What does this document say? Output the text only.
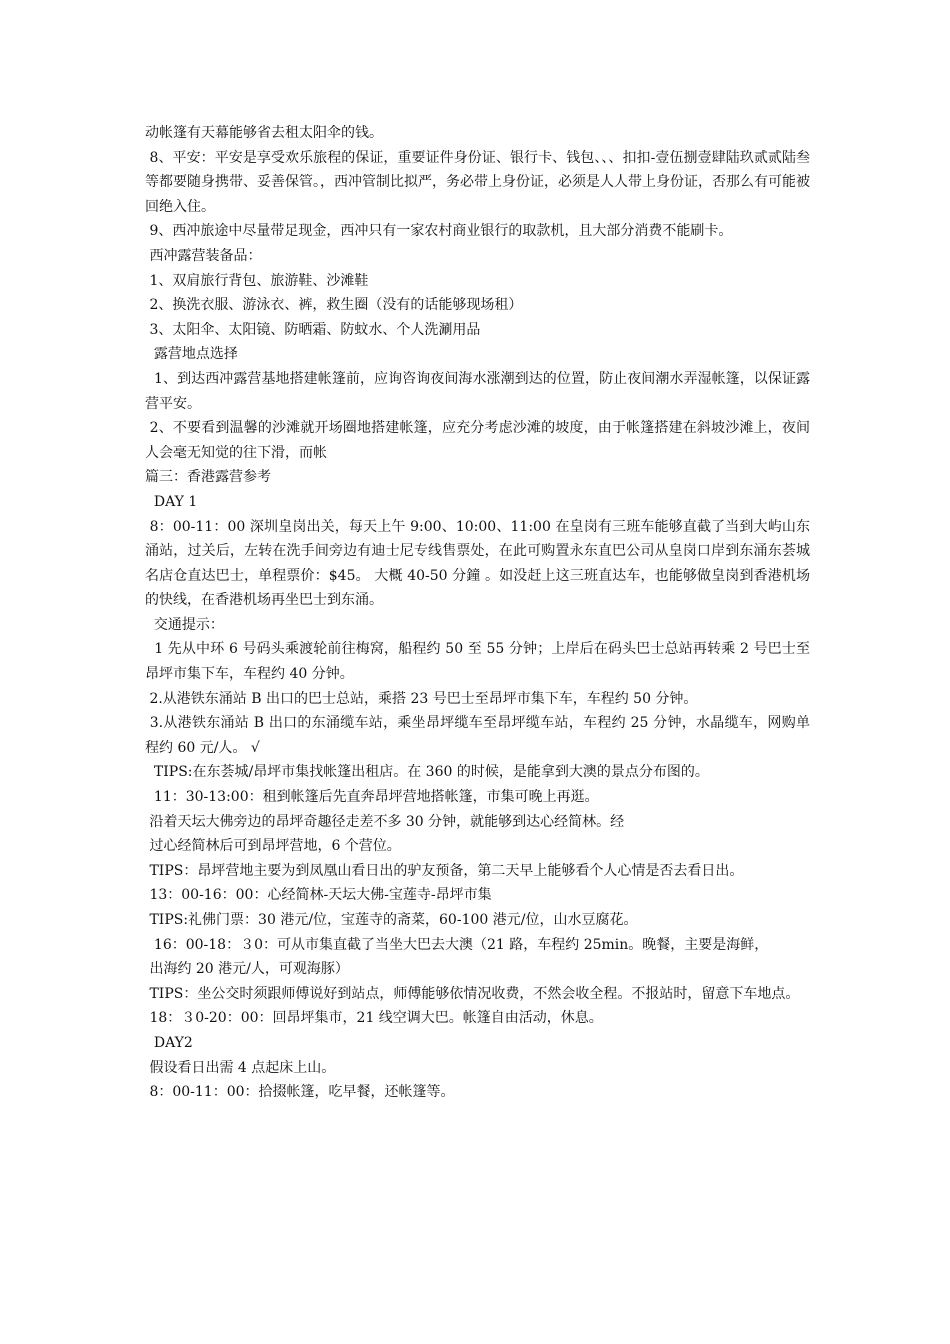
动帐篷有天幕能够省去租太阳伞的钱。

8、平安：平安是享受欢乐旅程的保证，重要证件身份证、银行卡、钱包、、、扣扣-壹伍捌壹肆陆玖贰贰陆叁等都要随身携带、妥善保管。，西冲管制比拟严，务必带上身份证，必须是人人带上身份证，否那么有可能被回绝入住。

9、西冲旅途中尽量带足现金，西冲只有一家农村商业银行的取款机，且大部分消费不能刷卡。

西冲露营装备品：

1、双肩旅行背包、旅游鞋、沙滩鞋

2、换洗衣服、游泳衣、裤，救生圈（没有的话能够现场租）

3、太阳伞、太阳镜、防晒霜、防蚊水、个人洗涮用品

露营地点选择

1、到达西冲露营基地搭建帐篷前，应询咨询夜间海水涨潮到达的位置，防止夜间潮水弄湿帐篷，以保证露营平安。

2、不要看到温馨的沙滩就开场圈地搭建帐篷，应充分考虑沙滩的坡度，由于帐篷搭建在斜坡沙滩上，夜间人会毫无知觉的往下滑，而帐

篇三：香港露营参考

DAY 1

8：00-11：00 深圳皇岗出关，每天上午 9:00、10:00、11:00 在皇岗有三班车能够直截了当到大屿山东涌站，过关后，左转在洗手间旁边有迪士尼专线售票处，在此可购置永东直巴公司从皇岗口岸到东涌东荟城名店仓直达巴士，单程票价：$45。 大概 40-50 分鐘 。如没赶上这三班直达车，也能够做皇岗到香港机场的快线，在香港机场再坐巴士到东涌。

交通提示：

1 先从中环 6 号码头乘渡轮前往梅窝，船程约 50 至 55 分钟；上岸后在码头巴士总站再转乘 2 号巴士至昂坪市集下车，车程约 40 分钟。

2.从港铁东涌站 B 出口的巴士总站，乘搭 23 号巴士至昂坪市集下车，车程约 50 分钟。

3.从港铁东涌站 B 出口的东涌缆车站，乘坐昂坪缆车至昂坪缆车站，车程约 25 分钟，水晶缆车，网购单程约 60 元/人。 √

TIPS:在东荟城/昂坪市集找帐篷出租店。在 360 的时候，是能拿到大澳的景点分布图的。

11：30-13:00：租到帐篷后先直奔昂坪营地搭帐篷，市集可晚上再逛。

沿着天坛大佛旁边的昂坪奇趣径走差不多 30 分钟，就能够到达心经简林。经

过心经简林后可到昂坪营地，6 个营位。

TIPS：昂坪营地主要为到凤凰山看日出的驴友预备，第二天早上能够看个人心情是否去看日出。

13：00-16：00：心经简林-天坛大佛-宝莲寺-昂坪市集

TIPS:礼佛门票：30 港元/位，宝莲寺的斋菜，60-100 港元/位，山水豆腐花。

16：00-18：３0：可从市集直截了当坐大巴去大澳（21 路，车程约 25min。晚餐，主要是海鲜，

出海约 20 港元/人，可观海豚）

TIPS：坐公交时须跟师傅说好到站点，师傅能够依情况收费，不然会收全程。不报站时，留意下车地点。

18：３0-20：00：回昂坪集市，21 线空调大巴。帐篷自由活动，休息。

DAY2

假设看日出需 4 点起床上山。

8：00-11：00：拾掇帐篷，吃早餐，还帐篷等。
